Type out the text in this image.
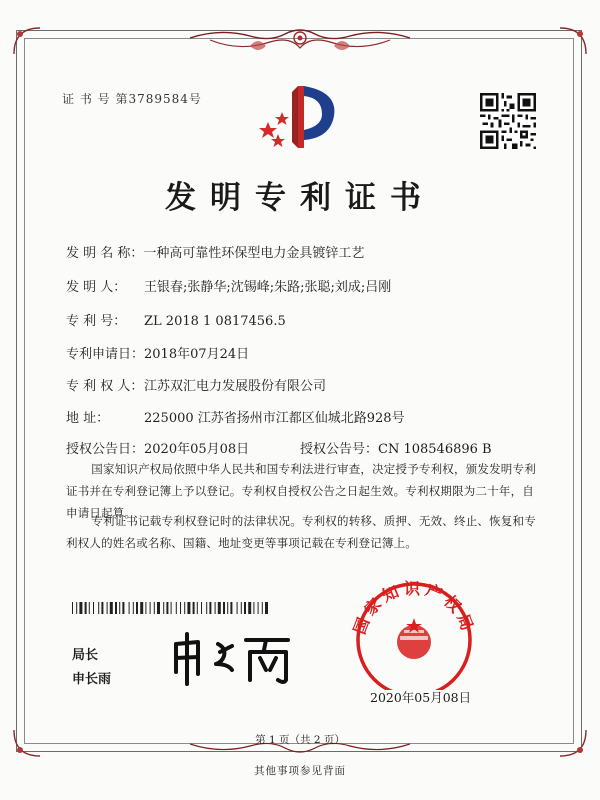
证 书 号 第3789584号
发明专利证书
发 明 名 称：一种高可靠性环保型电力金具镀锌工艺
发 明 人： 王银春;张静华;沈锡峰;朱路;张聪;刘成;吕刚
专 利 号： ZL 2018 1 0817456.5
专利申请日：2018年07月24日
专 利 权 人：江苏双汇电力发展股份有限公司
地 址：	225000 江苏省扬州市江都区仙城北路928号
授权公告日：2020年05月08日	授权公告号：CN 108546896 B
国家知识产权局依照中华人民共和国专利法进行审查，决定授予专利权，颁发发明专利证书并在专利登记簿上予以登记。专利权自授权公告之日起生效。专利权期限为二十年，自申请日起算。
专利证书记载专利权登记时的法律状况。专利权的转移、质押、无效、终止、恢复和专利权人的姓名或名称、国籍、地址变更等事项记载在专利登记簿上。
局长
申长雨
国家知识产权局
2020年05月08日
第 1 页（共 2 页）
其他事项参见背面
